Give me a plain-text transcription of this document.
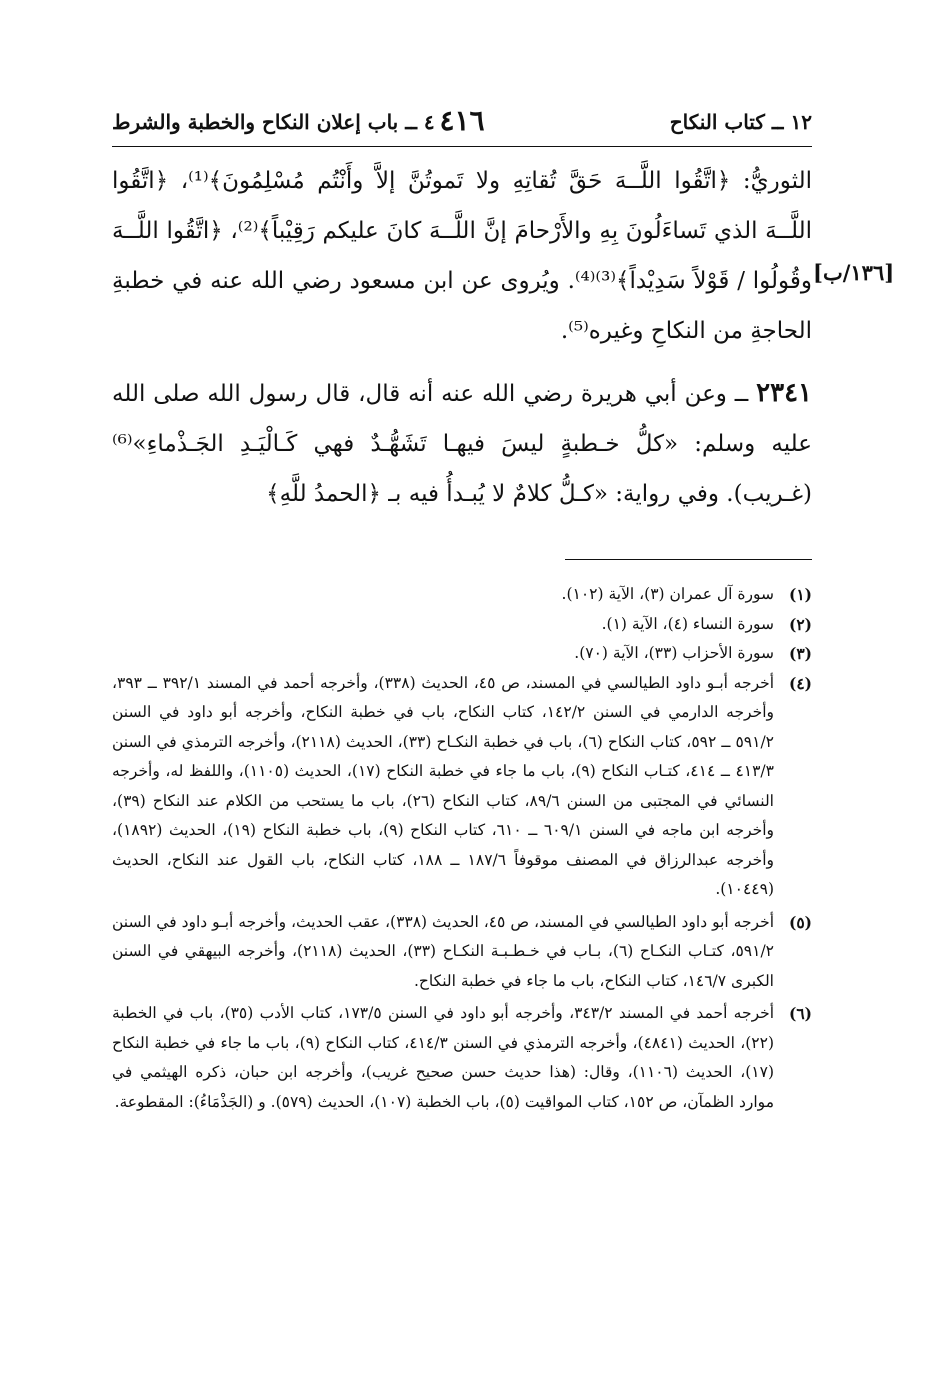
١٢ ــ كتاب النكاح
٤١٦
٤ ــ باب إعلان النكاح والخطبة والشرط

الثوريُّ: ﴿اتَّقُوا اللَّــهَ حَقَّ تُقاتِهِ ولا تَموتُنَّ إلاَّ وأَنْتُم مُسْلِمُونَ﴾⁽¹⁾، ﴿اتَّقُوا اللَّــهَ الذي تَساءَلُونَ بِهِ والأَرْحامَ إنَّ اللَّــهَ كانَ عليكم رَقِيْباً﴾⁽²⁾، ﴿اتَّقُوا اللَّــهَ وقُولُوا / قَوْلاً سَدِيْداً﴾⁽³⁾⁽⁴⁾. ويُروى عن ابن مسعود رضي الله عنه في خطبةِ الحاجةِ من النكاحِ وغيره⁽⁵⁾.

٢٣٤١ ــ وعن أبي هريرة رضي الله عنه أنه قال، قال رسول الله صلى الله عليه وسلم: «كلُّ خـطبةٍ ليسَ فيهـا تَشَهُّـدٌ فهي كَـالْيَـدِ الجَـذْماءِ»⁽⁶⁾ (غـريب). وفي رواية: «كـلُّ كلامٌ لا يُبـدأُ فيه بـ ﴿الحمدُ للَّهِ﴾

[١٣٦/ب]
(١)
سورة آل عمران (٣)، الآية (١٠٢).
(٢)
سورة النساء (٤)، الآية (١).
(٣)
سورة الأحزاب (٣٣)، الآية (٧٠).
(٤)
أخرجه أبـو داود الطيالسي في المسند، ص ٤٥، الحديث (٣٣٨)، وأخرجه أحمد في المسند ٣٩٢/١ ــ ٣٩٣، وأخرجه الدارمي في السنن ١٤٢/٢، كتاب النكاح، باب في خطبة النكاح، وأخرجه أبو داود في السنن ٥٩١/٢ ــ ٥٩٢، كتاب النكاح (٦)، باب في خطبة النكـاح (٣٣)، الحديث (٢١١٨)، وأخرجه الترمذي في السنن ٤١٣/٣ ــ ٤١٤، كتـاب النكاح (٩)، باب ما جاء في خطبة النكاح (١٧)، الحديث (١١٠٥)، واللفظ له، وأخرجه النسائي في المجتبى من السنن ٨٩/٦، كتاب النكاح (٢٦)، باب ما يستحب من الكلام عند النكاح (٣٩)، وأخرجه ابن ماجه في السنن ٦٠٩/١ ــ ٦١٠، كتاب النكاح (٩)، باب خطبة النكاح (١٩)، الحديث (١٨٩٢)، وأخرجه عبدالرزاق في المصنف موقوفاً ١٨٧/٦ ــ ١٨٨، كتاب النكاح، باب القول عند النكاح، الحديث (١٠٤٤٩).
(٥)
أخرجه أبو داود الطيالسي في المسند، ص ٤٥، الحديث (٣٣٨)، عقب الحديث، وأخرجه أبـو داود في السنن ٥٩١/٢، كتـاب النكـاح (٦)، بـاب في خـطـبـة النكـاح (٣٣)، الحديث (٢١١٨)، وأخرجه البيهقي في السنن الكبرى ١٤٦/٧، كتاب النكاح، باب ما جاء في خطبة النكاح.
(٦)
أخرجه أحمد في المسند ٣٤٣/٢، وأخرجه أبو داود في السنن ١٧٣/٥، كتاب الأدب (٣٥)، باب في الخطبة (٢٢)، الحديث (٤٨٤١)، وأخرجه الترمذي في السنن ٤١٤/٣، كتاب النكاح (٩)، باب ما جاء في خطبة النكاح (١٧)، الحديث (١١٠٦)، وقال: (هذا حديث حسن صحيح غريب)، وأخرجه ابن حبان، ذكره الهيثمي في موارد الظمآن، ص ١٥٢، كتاب المواقيت (٥)، باب الخطبة (١٠٧)، الحديث (٥٧٩). و (الجَذْمَاءُ): المقطوعة.
